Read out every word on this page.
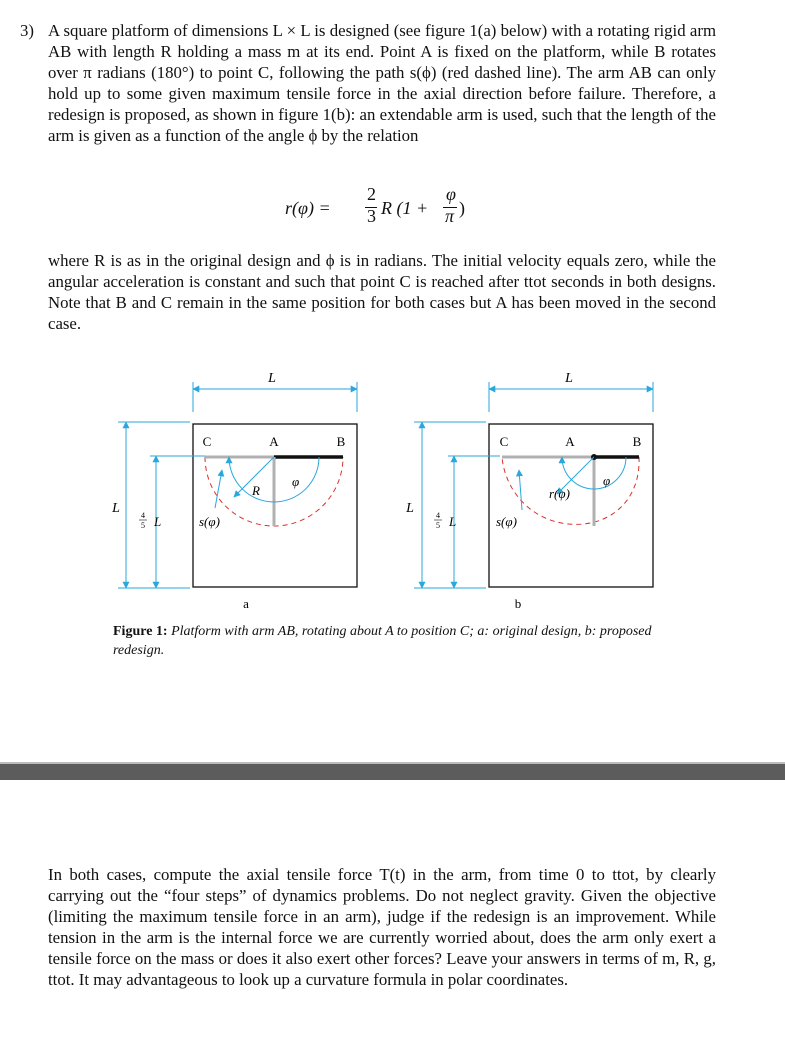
3) A square platform of dimensions L × L is designed (see figure 1(a) below) with a rotating rigid arm AB with length R holding a mass m at its end. Point A is fixed on the platform, while B rotates over π radians (180°) to point C, following the path s(ϕ) (red dashed line). The arm AB can only hold up to some given maximum tensile force in the axial direction before failure. Therefore, a redesign is proposed, as shown in figure 1(b): an extendable arm is used, such that the length of the arm is given as a function of the angle ϕ by the relation
r(φ) =
2
3 R (1 +
φ
π )
where R is as in the original design and ϕ is in radians. The initial velocity equals zero, while the angular acceleration is constant and such that point C is reached after ttot seconds in both designs. Note that B and C remain in the same position for both cases but A has been moved in the second case.
L
L	4
5 L
C	A	B
R
φ
s(φ)
a
L
L	4
5 L
C	A	B
r(φ)
φ
s(φ)
b
Figure 1: Platform with arm AB, rotating about A to position C; a: original design, b: proposed redesign.
In both cases, compute the axial tensile force T(t) in the arm, from time 0 to ttot, by clearly carrying out the “four steps” of dynamics problems. Do not neglect gravity. Given the objective (limiting the maximum tensile force in an arm), judge if the redesign is an improvement. While tension in the arm is the internal force we are currently worried about, does the arm only exert a tensile force on the mass or does it also exert other forces? Leave your answers in terms of m, R, g, ttot. It may advantageous to look up a curvature formula in polar coordinates.
